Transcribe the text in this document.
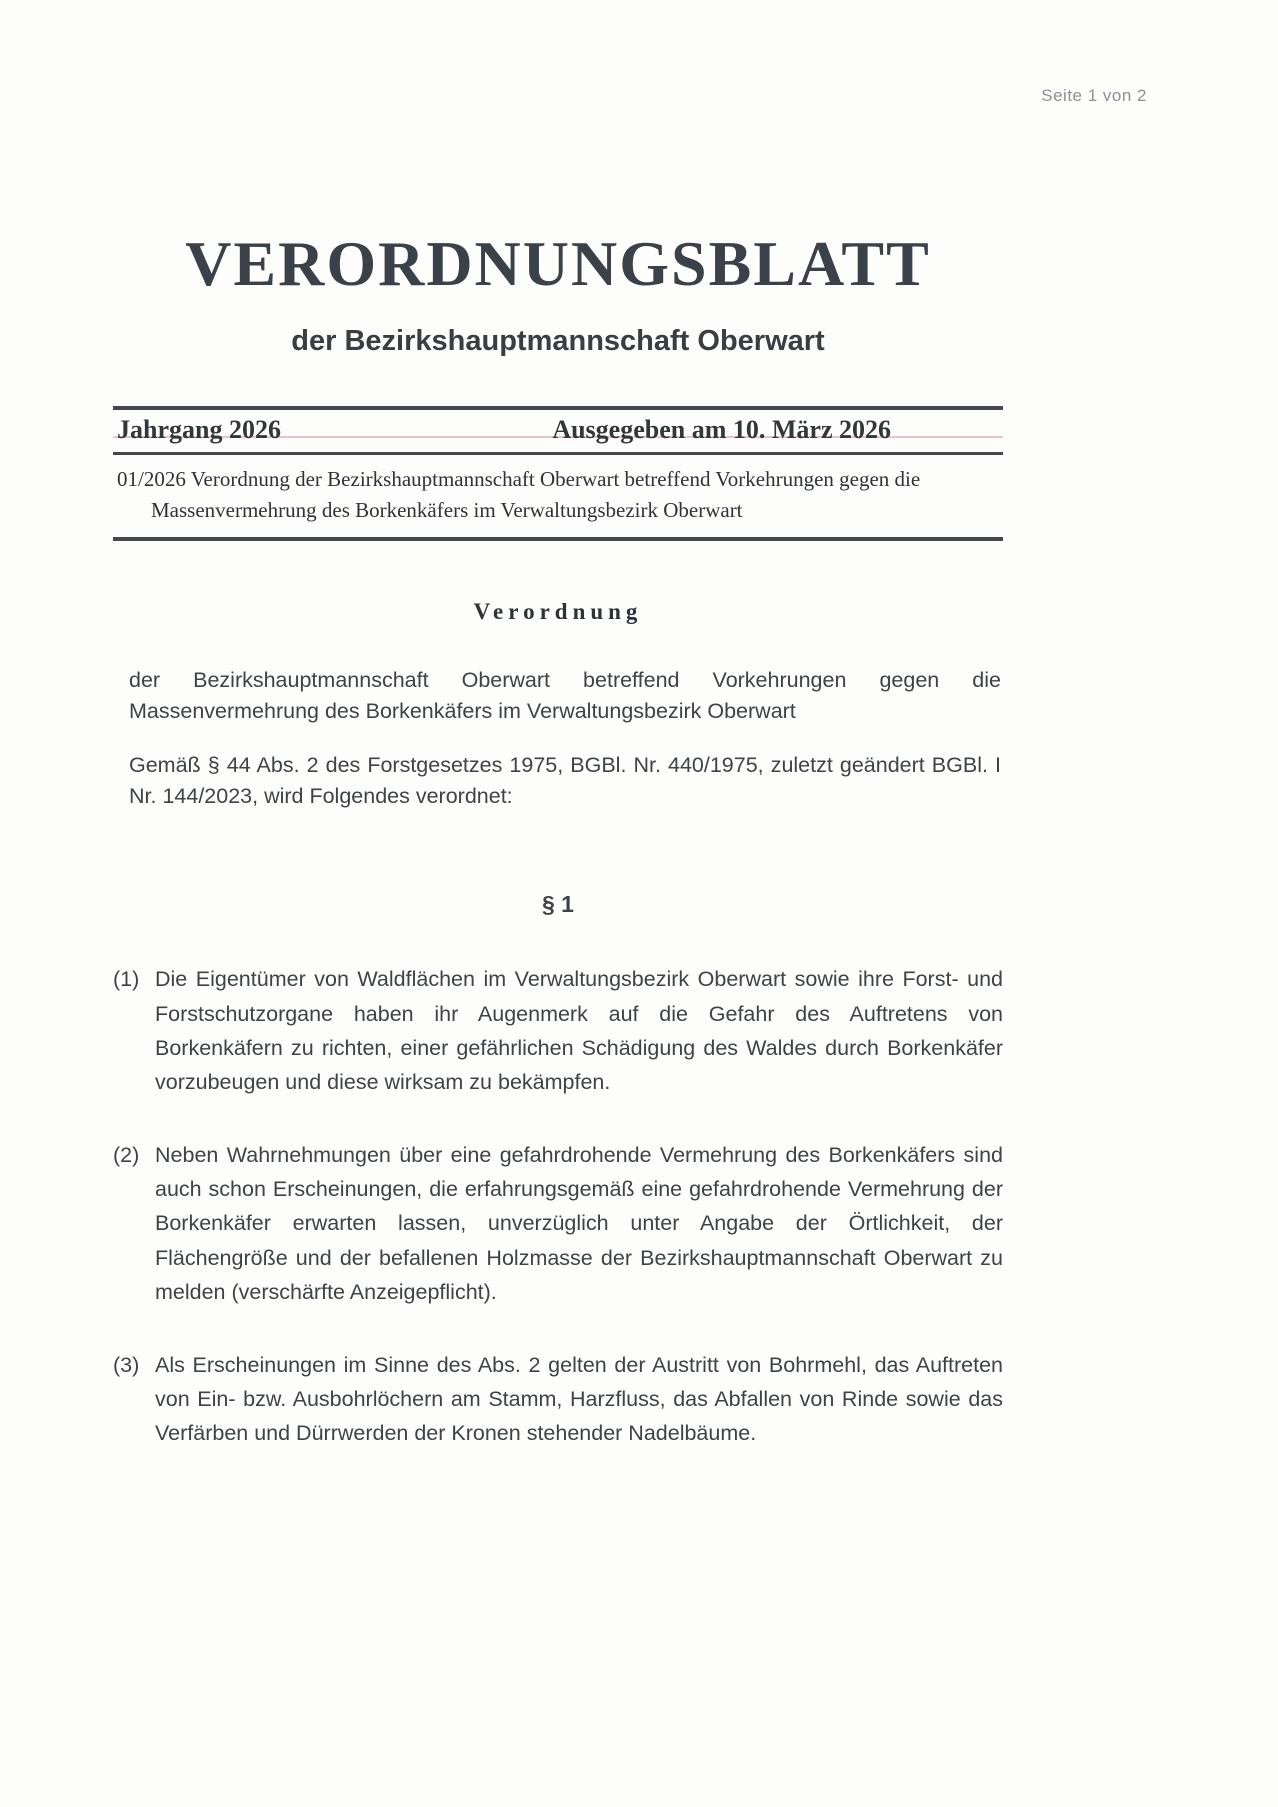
Seite 1 von 2
VERORDNUNGSBLATT
der Bezirkshauptmannschaft Oberwart
Jahrgang 2026	Ausgegeben am 10. März 2026
01/2026 Verordnung der Bezirkshauptmannschaft Oberwart betreffend Vorkehrungen gegen die Massenvermehrung des Borkenkäfers im Verwaltungsbezirk Oberwart
Verordnung

der Bezirkshauptmannschaft Oberwart betreffend Vorkehrungen gegen die Massenvermehrung des Borkenkäfers im Verwaltungsbezirk Oberwart

Gemäß § 44 Abs. 2 des Forstgesetzes 1975, BGBl. Nr. 440/1975, zuletzt geändert BGBl. I Nr. 144/2023, wird Folgendes verordnet:

§ 1
(1) Die Eigentümer von Waldflächen im Verwaltungsbezirk Oberwart sowie ihre Forst- und Forstschutzorgane haben ihr Augenmerk auf die Gefahr des Auftretens von Borkenkäfern zu richten, einer gefährlichen Schädigung des Waldes durch Borkenkäfer vorzubeugen und diese wirksam zu bekämpfen.
(2) Neben Wahrnehmungen über eine gefahrdrohende Vermehrung des Borkenkäfers sind auch schon Erscheinungen, die erfahrungsgemäß eine gefahrdrohende Vermehrung der Borkenkäfer erwarten lassen, unverzüglich unter Angabe der Örtlichkeit, der Flächengröße und der befallenen Holzmasse der Bezirkshauptmannschaft Oberwart zu melden (verschärfte Anzeigepflicht).
(3) Als Erscheinungen im Sinne des Abs. 2 gelten der Austritt von Bohrmehl, das Auftreten von Ein- bzw. Ausbohrlöchern am Stamm, Harzfluss, das Abfallen von Rinde sowie das Verfärben und Dürrwerden der Kronen stehender Nadelbäume.
